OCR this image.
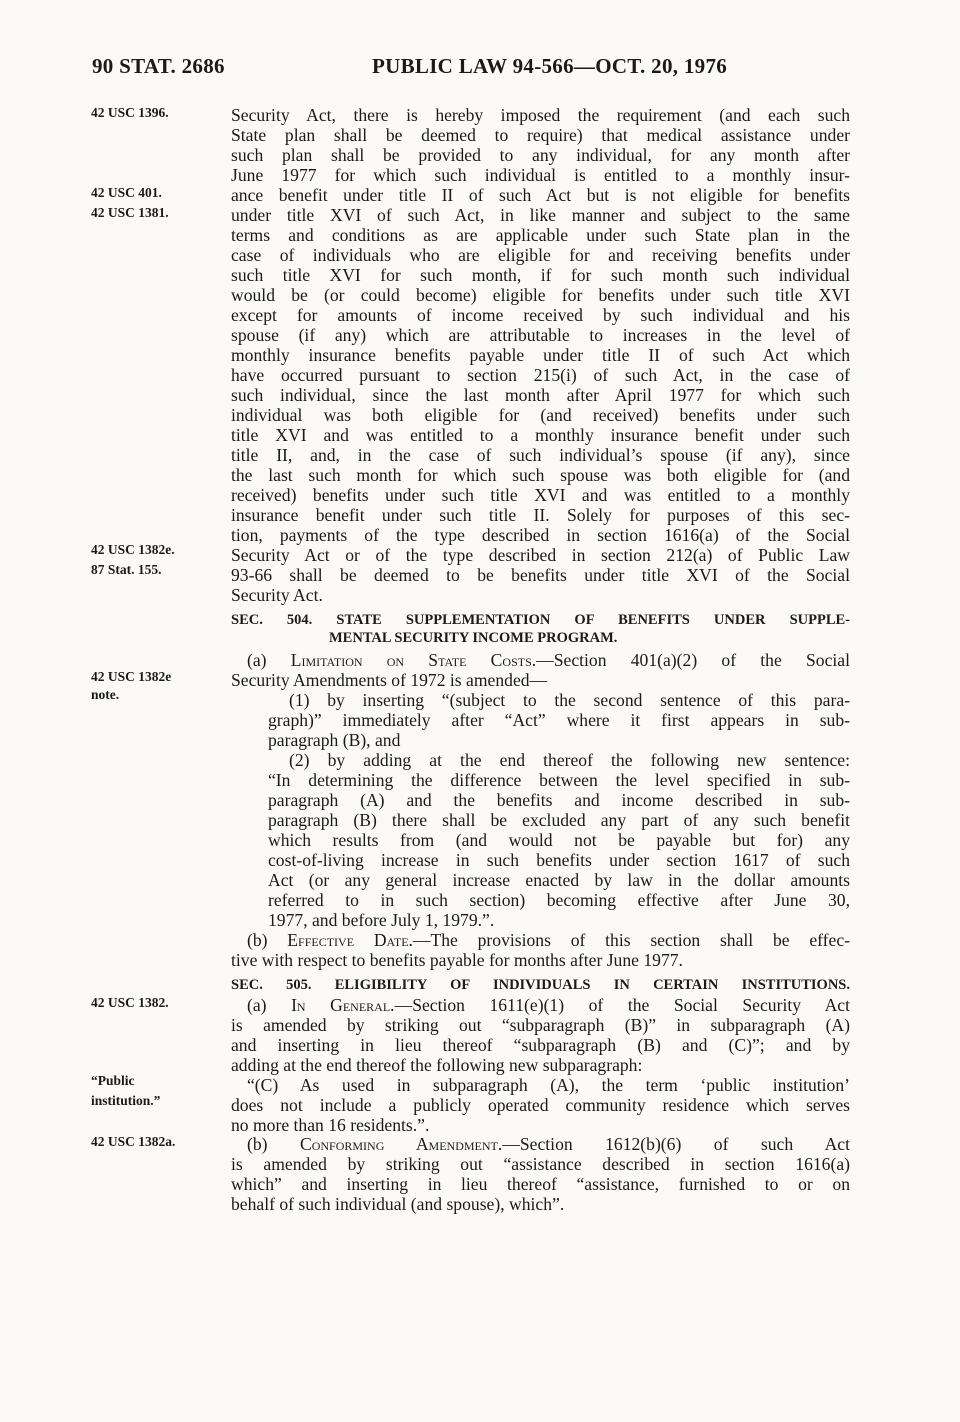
90 STAT. 2686	PUBLIC LAW 94-566—OCT. 20, 1976
42 USC 1396.
42 USC 401.
42 USC 1381.
42 USC 1382e.
87 Stat. 155.
42 USC 1382e
note.
42 USC 1382.
“Public
institution.”
42 USC 1382a.
Security Act, there is hereby imposed the requirement (and each such
State plan shall be deemed to require) that medical assistance under
such plan shall be provided to any individual, for any month after
June 1977 for which such individual is entitled to a monthly insur-
ance benefit under title II of such Act but is not eligible for benefits
under title XVI of such Act, in like manner and subject to the same
terms and conditions as are applicable under such State plan in the
case of individuals who are eligible for and receiving benefits under
such title XVI for such month, if for such month such individual
would be (or could become) eligible for benefits under such title XVI
except for amounts of income received by such individual and his
spouse (if any) which are attributable to increases in the level of
monthly insurance benefits payable under title II of such Act which
have occurred pursuant to section 215(i) of such Act, in the case of
such individual, since the last month after April 1977 for which such
individual was both eligible for (and received) benefits under such
title XVI and was entitled to a monthly insurance benefit under such
title II, and, in the case of such individual’s spouse (if any), since
the last such month for which such spouse was both eligible for (and
received) benefits under such title XVI and was entitled to a monthly
insurance benefit under such title II. Solely for purposes of this sec-
tion, payments of the type described in section 1616(a) of the Social
Security Act or of the type described in section 212(a) of Public Law
93-66 shall be deemed to be benefits under title XVI of the Social
Security Act.
SEC. 504. STATE SUPPLEMENTATION OF BENEFITS UNDER SUPPLE-
MENTAL SECURITY INCOME PROGRAM.
(a) Limitation on State Costs.—Section 401(a)(2) of the Social
Security Amendments of 1972 is amended—
(1) by inserting “(subject to the second sentence of this para-
graph)” immediately after “Act” where it first appears in sub-
paragraph (B), and
(2) by adding at the end thereof the following new sentence:
“In determining the difference between the level specified in sub-
paragraph (A) and the benefits and income described in sub-
paragraph (B) there shall be excluded any part of any such benefit
which results from (and would not be payable but for) any
cost-of-living increase in such benefits under section 1617 of such
Act (or any general increase enacted by law in the dollar amounts
referred to in such section) becoming effective after June 30,
1977, and before July 1, 1979.”.
(b) Effective Date.—The provisions of this section shall be effec-
tive with respect to benefits payable for months after June 1977.
SEC. 505. ELIGIBILITY OF INDIVIDUALS IN CERTAIN INSTITUTIONS.
(a) In General.—Section 1611(e)(1) of the Social Security Act
is amended by striking out “subparagraph (B)” in subparagraph (A)
and inserting in lieu thereof “subparagraph (B) and (C)”; and by
adding at the end thereof the following new subparagraph:
“(C) As used in subparagraph (A), the term ‘public institution’
does not include a publicly operated community residence which serves
no more than 16 residents.”.
(b) Conforming Amendment.—Section 1612(b)(6) of such Act
is amended by striking out “assistance described in section 1616(a)
which” and inserting in lieu thereof “assistance, furnished to or on
behalf of such individual (and spouse), which”.
